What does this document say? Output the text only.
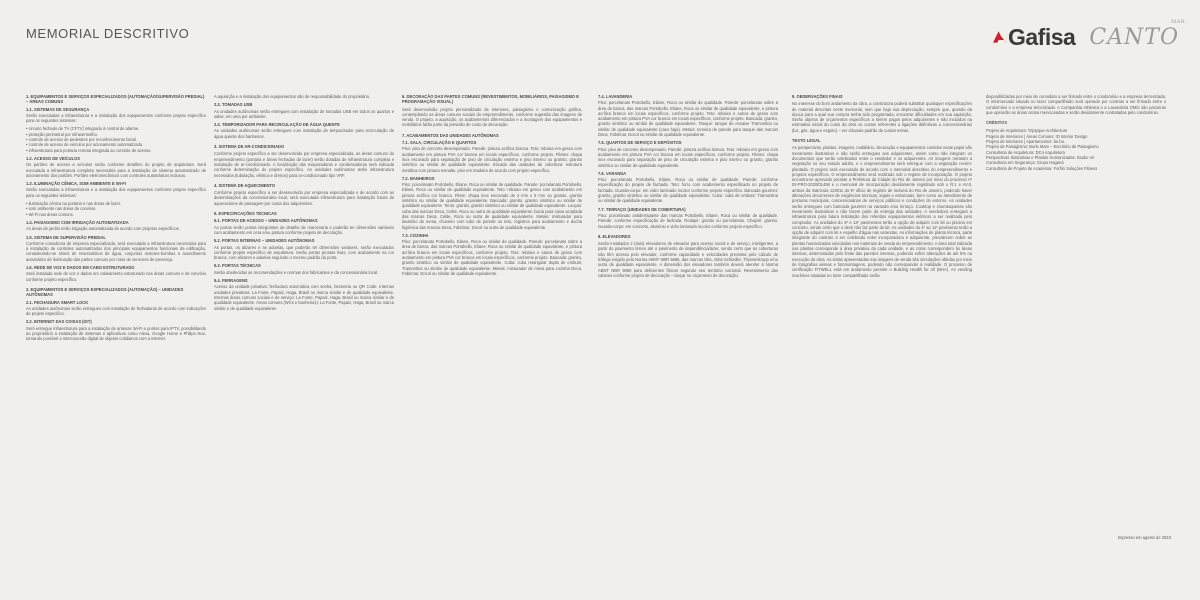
MEMORIAL DESCRITIVO	Gafisa CANTO
MAR
1. EQUIPAMENTOS E SERVIÇOS ESPECIALIZADOS (AUTOMAÇÃO/SUPERVISÃO PREDIAL) – ÁREAS COMUNS
1.1. SISTEMAS DE SEGURANÇA
Serão executadas a infraestrutura e a instalação dos equipamentos conforme projeto específico para os seguintes sistemas:
• circuito fechado de TV (CFTV) integrado à central de alarme.
• proteção perimetral por infravermelho.
• controle de acesso de pedestres por reconhecimento facial.
• controle de acesso de veículos por acionamento automatizado.
• infraestrutura para portaria remota integrada ao controle de acesso.
1.2. ACESSO DE VEÍCULOS
Os portões de acesso a veículos serão conforme detalhes do projeto de arquitetura. Será executada a infraestrutura completa necessária para a instalação de sistema automatizado de acionamento dos portões. Portões eletromecânicos com controles automáticos inclusos.
1.3. ILUMINAÇÃO CÊNICA, SOM AMBIENTE E WI-FI
Serão executadas a infraestrutura e a instalação dos equipamentos conforme projeto específico para os seguintes sistemas:
• iluminação cênica na portaria e nas áreas de lazer.
• som ambiente nas áreas de convívio.
• Wi-Fi nas áreas comuns.
1.4. PAISAGISMO COM IRRIGAÇÃO AUTOMATIZADA
As áreas de jardim terão irrigação automatizada de acordo com projetos específicos.
1.5. SISTEMA DE SUPERVISÃO PREDIAL
Conforme consultoria de empresa especializada, será executada a infraestrutura necessária para a instalação de controles automatizados dos principais equipamentos funcionais da edificação, considerando-se níveis de reservatórios de água, conjuntos motores-bombas e acendimento automático de iluminação das partes comuns por meio de sensores de presença.
1.6. REDE DE VOZ E DADOS EM CABO ESTRUTURADO
Será instalada rede de voz e dados em cabeamento estruturado nas áreas comuns e de convívio conforme projeto específico.
2. EQUIPAMENTOS E SERVIÇOS ESPECIALIZADOS (AUTOMAÇÃO) – UNIDADES AUTÔNOMAS
2.1. FECHADURA SMART LOCK
As unidades autônomas serão entregues com instalação de fechaduras de acordo com indicações de projeto específico.
2.2. INTERNET DAS COISAS (IOT)
Será entregue infraestrutura para a instalação de antenas Wi-Fi e pontos para IPTV, possibilitando ao proprietário a instalação de sistemas e aplicativos como Alexa, Google Home e Philips Hue, tornando possível a interconexão digital de objetos cotidianos com a internet.
A aquisição e a instalação dos equipamentos são de responsabilidade do proprietário.
2.3. TOMADAS USB
As unidades autônomas serão entregues com instalação de tomadas USB em todos os quartos e salas, em uma por ambiente.
2.4. TEMPORIZADOR PARA RECIRCULAÇÃO DE ÁGUA QUENTE
As unidades autônomas serão entregues com instalação de temporizador para recirculação de água quente dos banheiros.
3. SISTEMA DE AR-CONDICIONADO
Conforme projeto específico a ser desenvolvido por empresa especializada, as áreas comuns do empreendimento (portaria e áreas fechadas de lazer) serão dotadas de infraestrutura completa e instalação de ar-condicionado. A localização das evaporadoras e condensadoras será indicada conforme determinação do projeto específico. As unidades autônomas terão infraestrutura necessária (tubulação, elétrica e drenos) para ar-condicionado tipo VRF.
4. SISTEMA DE AQUECIMENTO
Conforme projeto específico a ser desenvolvido por empresa especializada e de acordo com as determinações da concessionária local, será executada infraestrutura para instalação futura de aquecedores de passagem por conta dos adquirentes.
5. ESPECIFICAÇÕES TÉCNICAS
5.1. PORTAS DE ACESSO – UNIDADES AUTÔNOMAS
As portas serão portas integrantes de detalhe de marcenaria e poderão ter dimensões variáveis com acabamento em cera e/ou pintura conforme projeto de decoração.
5.2. PORTAS INTERNAS – UNIDADES AUTÔNOMAS
As portas, os alizares e as aduelas, que poderão ter dimensões variáveis, serão executados conforme projeto específico de arquitetura. Serão portas prontas lisas, com acabamento na cor branca, com alizares e aduelas seguindo o mesmo padrão da porta.
5.3. PORTAS TÉCNICAS
Serão obedecidas as recomendações e normas dos fabricantes e da concessionária local.
5.4. FERRAGENS
Acesso da unidade privativa: fechadura automática com senha, biometria ou QR Code. Internas unidades privativas: La Fonte, Papaiz, Haga, Brasil ou marca similar e de qualidade equivalente. Internas áreas comuns sociais e de serviço: La Fonte, Papaiz, Haga, Brasil ou marca similar e de qualidade equivalente. Áreas comuns (WCs e banheiros): La Fonte, Papaiz, Haga, Brasil ou marca similar e de qualidade equivalente.
6. DECORAÇÃO DAS PARTES COMUNS (REVESTIMENTOS, MOBILIÁRIOS, PAISAGISMO E PROGRAMAÇÃO VISUAL)
Será desenvolvido projeto personalizado de interiores, paisagismo e comunicação gráfica, contemplando as áreas comuns sociais do empreendimento, conforme sugestão das imagens de venda. O projeto, a aquisição, os acabamentos diferenciados e a montagem dos equipamentos e mobiliários farão parte da previsão de custo de decoração.
7. ACABAMENTOS DAS UNIDADES AUTÔNOMAS
7.1. SALA, CIRCULAÇÃO E QUARTOS
Piso: piso de concreto desempenado. Parede: pintura acrílica branca. Teto: rebaixo em gesso com acabamento em pintura PVA cor branca em locais específicos, conforme projeto. Filetes: chapa inox escovado para separação de piso de circulação externa e piso interno ou granito, granito sintético ou similar de qualidade equivalente. Escada das unidades de cobertura: estrutura metálica com pintura esmalte, piso em madeira de acordo com projeto específico.
7.2. BANHEIROS
Piso: porcelanato Portobello, Eliane, Roca ou similar de qualidade. Parede: porcelanato Portobello, Eliane, Roca ou similar de qualidade equivalente. Teto: rebaixo em gesso com acabamento em pintura acrílica cor branca. Filete: chapa inox escovado de 3 mm x 8 mm ou granito, granito sintético ou similar de qualidade equivalente. Bancada: granito, granito sintético ou similar de qualidade equivalente. Tento: granito, granito sintético ou similar de qualidade equivalente. Louças: cuba das marcas Deca, Celite, Roca ou outra de qualidade equivalente; bacia para caixa acoplada das marcas Deca, Celite, Roca ou outra de qualidade equivalente. Metais: misturador para lavatório de mesa, chuveiro com tubo de parede ou teto, registros para acabamento e ducha higiênica das marcas Deca, Fabrimar, Docol ou outra de qualidade equivalente.
7.3. COZINHA
Piso: porcelanato Portobello, Eliane, Roca ou similar de qualidade. Parede: porcelanato sobre a área de banca, das marcas Portobello, Eliane, Roca ou similar de qualidade equivalente, e pintura acrílica branca em locais específicos, conforme projeto. Teto: rebaixo e sanca de gesso com acabamento em pintura PVA cor branca em locais específicos, conforme projeto. Bancada: granito, granito sintético ou similar de qualidade equivalente. Cuba: cuba retangular dupla de embutir, Tramontina ou similar de qualidade equivalente. Metais: misturador de mesa para cozinha Deca, Fabrimar, Docol ou similar de qualidade equivalente.
7.4. LAVANDERIA
Piso: porcelanato Portobello, Eliane, Roca ou similar de qualidade. Parede: porcelanato sobre a área de banca, das marcas Portobello, Eliane, Roca ou similar de qualidade equivalente, e pintura acrílica branca em locais específicos, conforme projeto. Teto: rebaixo e sanca de gesso com acabamento em pintura PVA cor branca em locais específicos, conforme projeto. Bancada: granito, granito sintético ou similar de qualidade equivalente. Tanque: tanque de encaixe Tramontina ou similar de qualidade equivalente (caso haja). Metais: torneira de parede para tanque das marcas Deca, Fabrimar, Docol ou similar de qualidade equivalente.
7.5. QUARTOS DE SERVIÇO E DEPÓSITOS
Piso: piso de concreto desempenado. Parede: pintura acrílica branca. Teto: rebaixo em gesso com acabamento em pintura PVA cor branca em locais específicos, conforme projeto. Filetes: chapa inox escovado para separação de piso de circulação externa e piso interno ou granito, granito sintético ou similar de qualidade equivalente.
7.6. VARANDA
Piso: porcelanato Portobello, Eliane, Roca ou similar de qualidade. Parede: conforme especificação do projeto de fachada. Teto: forro com acabamento especificado no projeto de fachada. Guarda-corpo: em vidro laminado incolor conforme projeto específico. Bancada gourmet: granito, granito sintético ou similar de qualidade equivalente. Cuba: cuba de embutir: Tramontina ou similar de qualidade equivalente.
7.7. TERRAÇO (UNIDADES DE COBERTURA)
Piso: porcelanato antiderrapante das marcas Portobello, Eliane, Roca ou similar de qualidade. Parede: conforme especificação de fachada. Rodapé: granito ou porcelanato. Chapim: granito. Guarda-corpo: em concreto, alumínio e vidro laminado incolor conforme projeto específico.
8. ELEVADORES
Serão instalados 2 (dois) elevadores de elevador para acesso social e de serviço, inteligentes, a partir do pavimento térreo até o pavimento de dependência/lazer, sendo certo que as coberturas não têm acesso pelo elevador, conforme capacidade e velocidades previstas pelo cálculo de tráfego exigido pela Norma ABNT NBR 5665, das marcas Otis, Atlas Schindler, Thyssenkrupp e/ou outra de qualidade equivalente. A dimensão dos elevadores também deverá atender à Norma ABNT NBR 9050 para deficientes físicos segundo seu território nacional. Revestimento das cabines conforme projeto de decoração – lançar no orçamento de decoração.
9. OBSERVAÇÕES FINAIS
No interesse do bom andamento da obra, a construtora poderá substituir quaisquer especificações de material descritas neste memorial, sem que haja sua depreciação, sempre que, quando da época para a qual sua compra tenha sido programada, encontrar dificuldades em sua aquisição. Serão objetos de orçamentos específicos a serem pagos pelos adquirentes e não incluídos na estimativa inicial do custo da obra os custos referentes a ligações definitivas a concessionárias (luz, gás, água e esgoto) – ver cláusula padrão de custos extras.
TEXTO LEGAL
As perspectivas, plantas, imagens, mobiliário, decoração e equipamentos contidos neste papel são meramente ilustrativos e não serão entregues aos adquirentes, assim como não integram os documentos que serão celebrados entre o vendedor e os adquirentes. As imagens retratam a vegetação no seu estado adulto, e o empreendimento será entregue com a vegetação recém-plantada. O projeto será executado de acordo com o memorial descritivo do empreendimento e projetos específicos. O empreendimento será realizado sob o regime de incorporação. O projeto encontra-se aprovado perante a Prefeitura da Cidade do Rio de Janeiro por meio do processo nº 02-PRO-2020/01498 e o memorial de incorporação devidamente registrado sob o R.1 e AV.8, ambos da matrícula 123011 do 9º ofício de registro de imóveis do Rio de Janeiro, podendo haver alterações decorrentes de exigências técnicas, legais e estruturais, bem como ao atendimento de posturas municipais, concessionárias de serviços públicos e condições do entorno. As unidades serão entregues com bancada gourmet na varanda e/ou terraço. Cooktop e churrasqueiras são meramente ilustrativos e não fazem parte da entrega das unidades. A vendedora entregará a infraestrutura para futura instalação dos referidos equipamentos elétricos a ser realizada pelo comprador. As unidades do 3º e 12º pavimentos terão a opção de adquirir com kit ou piscina em concreto, sendo certo que o deck não faz parte do kit. As unidades do 4º ao 11º pavimento terão a opção de adquirir com kit e espelho d'água nas varandas. As informações de planta técnica, parte integrante do contrato a ser celebrado entre incorporadora e adquirente, prevalecem sobre as plantas humanizadas veiculadas nos materiais de venda do empreendimento. A área total indicada nas plantas corresponde à área privativa da cada unidade, e as cotas correspondem às áreas internas, determinadas pelo limite das paredes internas, podendo sofrer alterações de até 5% na execução da obra. As vistas apresentadas nas imagens de venda são simulações obtidas por meio de fotografias aéreas e fotomontagens, podendo não corresponder à realidade. O processo de certificação FITWELL está em andamento perante o Building Health for All (BHA). As vending machines situadas no lazer compartilhado serão
disponibilizadas por meio de comodato a ser firmado entre o condomínio e a empresa terceirizada. O minimercado situado no lazer compartilhado será operado por contrato a ser firmado entre o condomínio e a empresa terceirizada. A Companhia Athletica e a Lavanderia OMO são parceiras que operarão as áreas acima mencionadas e serão devidamente contratadas pelo condomínio.
CRÉDITOS
Projeto de Arquitetura: Triptyque Architecture
Projeto de Interiores | Áreas Comuns: ID Interior Design
Projeto de Interiores | Apartamentos: be.bo.
Projeto de Paisagismo: Burle Marx – Escritório de Paisagismo
Consultoria de Arquitetura: DCA Arquitetura
Perspectivas Ilustrativas e Plantas Humanizadas: Studio Vir
Consultoria em Segurança: Grupo Haganá
Consultoria de Projeto de Academia: Forfiin Soluções Fitness
Impresso em agosto de 2023.
